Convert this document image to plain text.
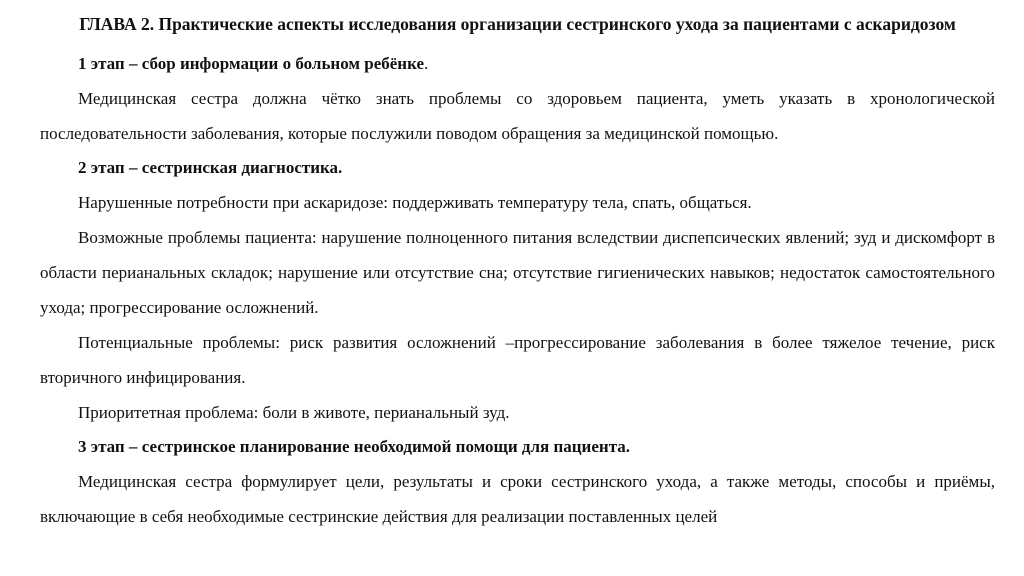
ГЛАВА 2. Практические аспекты исследования организации сестринского ухода за пациентами с аскаридозом

1 этап – сбор информации о больном ребёнке.

Медицинская сестра должна чётко знать проблемы со здоровьем пациента, уметь указать в хронологической последовательности заболевания, которые послужили поводом обращения за медицинской помощью.

2 этап – сестринская диагностика.

Нарушенные потребности при аскаридозе: поддерживать температуру тела, спать, общаться.

Возможные проблемы пациента: нарушение полноценного питания вследствии диспепсических явлений; зуд и дискомфорт в области перианальных складок; нарушение или отсутствие сна; отсутствие гигиенических навыков; недостаток самостоятельного ухода; прогрессирование осложнений.

Потенциальные проблемы: риск развития осложнений –прогрессирование заболевания в более тяжелое течение, риск вторичного инфицирования.

Приоритетная проблема: боли в животе, перианальный зуд.

3 этап – сестринское планирование необходимой помощи для пациента.

Медицинская сестра формулирует цели, результаты и сроки сестринского ухода, а также методы, способы и приёмы, включающие в себя необходимые сестринские действия для реализации поставленных целей
